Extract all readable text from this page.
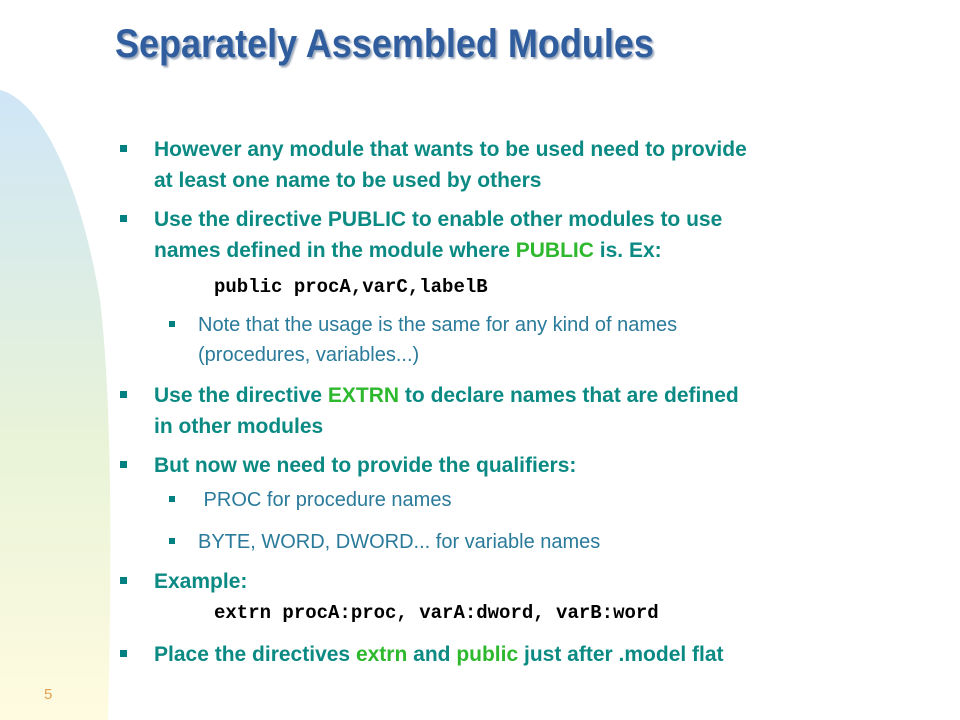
Separately Assembled Modules
However any module that wants to be used need to provide
at least one name to be used by others
Use the directive PUBLIC to enable other modules to use
names defined in the module where PUBLIC is. Ex:
public procA,varC,labelB
Note that the usage is the same for any kind of names
(procedures, variables...)
Use the directive EXTRN to declare names that are defined
in other modules
But now we need to provide the qualifiers:
PROC for procedure names
BYTE, WORD, DWORD... for variable names
Example:
extrn procA:proc, varA:dword, varB:word
Place the directives extrn and public just after .model flat
5
